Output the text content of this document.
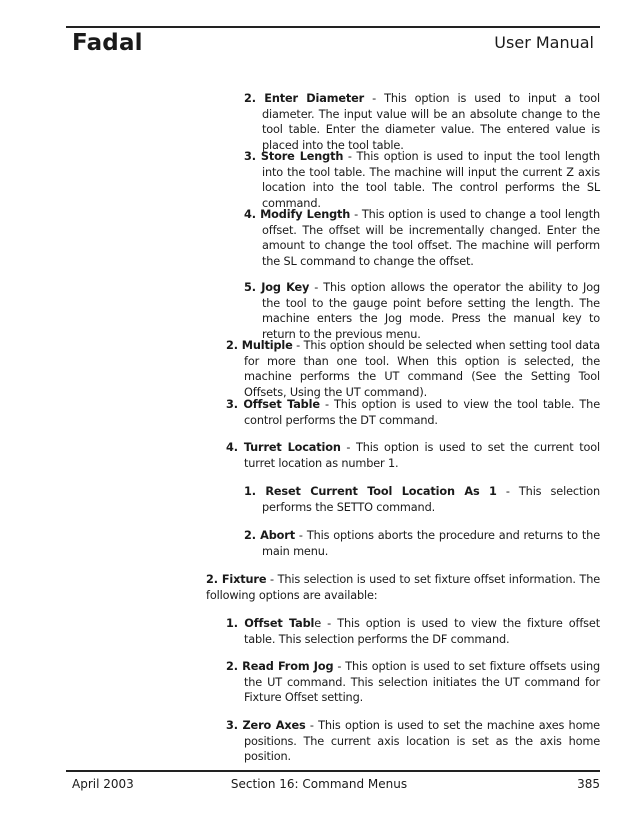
Fadal	User Manual
2. Enter Diameter - This option is used to input a tool diameter. The input value will be an absolute change to the tool table. Enter the diameter value. The entered value is placed into the tool table.
3. Store Length - This option is used to input the tool length into the tool table. The machine will input the current Z axis location into the tool table. The control performs the SL command.
4. Modify Length - This option is used to change a tool length offset. The offset will be incrementally changed. Enter the amount to change the tool offset. The machine will perform the SL command to change the offset.
5. Jog Key - This option allows the operator the ability to Jog the tool to the gauge point before setting the length. The machine enters the Jog mode. Press the manual key to return to the previous menu.
2. Multiple - This option should be selected when setting tool data for more than one tool. When this option is selected, the machine performs the UT command (See the Setting Tool Offsets, Using the UT command).
3. Offset Table - This option is used to view the tool table. The control performs the DT command.
4. Turret Location - This option is used to set the current tool turret location as number 1.
1. Reset Current Tool Location As 1 - This selection performs the SETTO command.
2. Abort - This options aborts the procedure and returns to the main menu.
2. Fixture - This selection is used to set fixture offset information. The following options are available:
1. Offset Table - This option is used to view the fixture offset table. This selection performs the DF command.
2. Read From Jog - This option is used to set fixture offsets using the UT command. This selection initiates the UT command for Fixture Offset setting.
3. Zero Axes - This option is used to set the machine axes home positions. The current axis location is set as the axis home position.
April 2003	Section 16: Command Menus	385
